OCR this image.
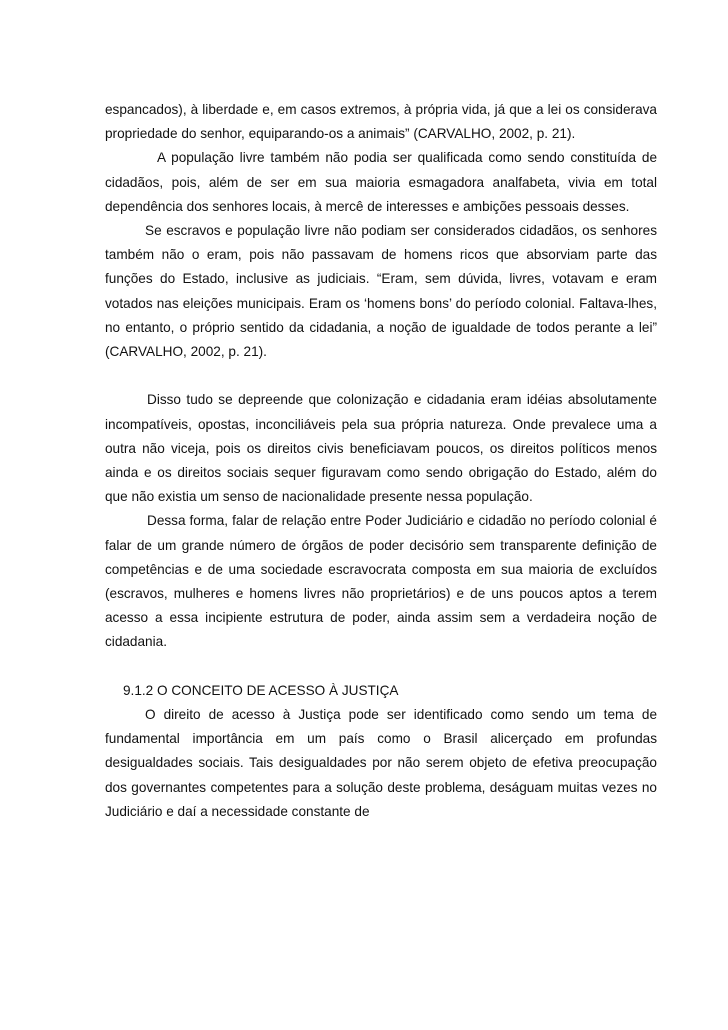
espancados), à liberdade e, em casos extremos, à própria vida, já que a lei os considerava propriedade do senhor, equiparando-os a animais” (CARVALHO, 2002, p. 21).

A população livre também não podia ser qualificada como sendo constituída de cidadãos, pois, além de ser em sua maioria esmagadora analfabeta, vivia em total dependência dos senhores locais, à mercê de interesses e ambições pessoais desses.

Se escravos e população livre não podiam ser considerados cidadãos, os senhores também não o eram, pois não passavam de homens ricos que absorviam parte das funções do Estado, inclusive as judiciais. “Eram, sem dúvida, livres, votavam e eram votados nas eleições municipais. Eram os ‘homens bons’ do período colonial. Faltava-lhes, no entanto, o próprio sentido da cidadania, a noção de igualdade de todos perante a lei” (CARVALHO, 2002, p. 21).

Disso tudo se depreende que colonização e cidadania eram idéias absolutamente incompatíveis, opostas, inconciliáveis pela sua própria natureza. Onde prevalece uma a outra não viceja, pois os direitos civis beneficiavam poucos, os direitos políticos menos ainda e os direitos sociais sequer figuravam como sendo obrigação do Estado, além do que não existia um senso de nacionalidade presente nessa população.

Dessa forma, falar de relação entre Poder Judiciário e cidadão no período colonial é falar de um grande número de órgãos de poder decisório sem transparente definição de competências e de uma sociedade escravocrata composta em sua maioria de excluídos (escravos, mulheres e homens livres não proprietários) e de uns poucos aptos a terem acesso a essa incipiente estrutura de poder, ainda assim sem a verdadeira noção de cidadania.

9.1.2 O CONCEITO DE ACESSO À JUSTIÇA

O direito de acesso à Justiça pode ser identificado como sendo um tema de fundamental importância em um país como o Brasil alicerçado em profundas desigualdades sociais. Tais desigualdades por não serem objeto de efetiva preocupação dos governantes competentes para a solução deste problema, deságuam muitas vezes no Judiciário e daí a necessidade constante de
